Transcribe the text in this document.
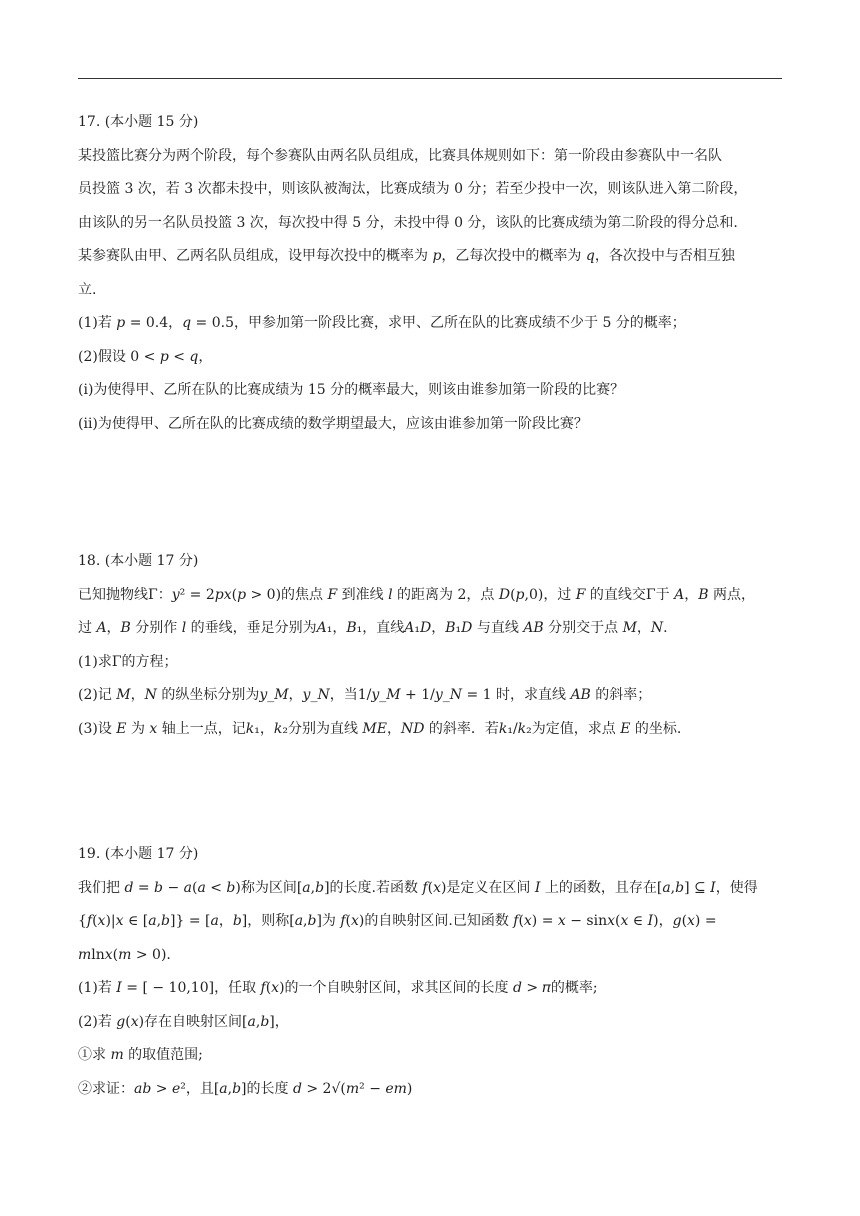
17. (本小题 15 分)
某投篮比赛分为两个阶段，每个参赛队由两名队员组成，比赛具体规则如下：第一阶段由参赛队中一名队
员投篮 3 次，若 3 次都未投中，则该队被淘汰，比赛成绩为 0 分；若至少投中一次，则该队进入第二阶段，
由该队的另一名队员投篮 3 次，每次投中得 5 分，未投中得 0 分，该队的比赛成绩为第二阶段的得分总和.
某参赛队由甲、乙两名队员组成，设甲每次投中的概率为 𝑝，乙每次投中的概率为 𝑞，各次投中与否相互独
立.
(1)若 𝑝 = 0.4，𝑞 = 0.5，甲参加第一阶段比赛，求甲、乙所在队的比赛成绩不少于 5 分的概率；
(2)假设 0 < 𝑝 < 𝑞，
(ⅰ)为使得甲、乙所在队的比赛成绩为 15 分的概率最大，则该由谁参加第一阶段的比赛？
(ⅱ)为使得甲、乙所在队的比赛成绩的数学期望最大，应该由谁参加第一阶段比赛？
18. (本小题 17 分)
已知抛物线Γ：𝑦² = 2𝑝𝑥(𝑝 > 0)的焦点 𝐹 到准线 𝑙 的距离为 2，点 𝐷(𝑝,0)，过 𝐹 的直线交Γ于 𝐴，𝐵 两点，
过 𝐴，𝐵 分别作 𝑙 的垂线，垂足分别为𝐴₁，𝐵₁，直线𝐴₁𝐷，𝐵₁𝐷 与直线 𝐴𝐵 分别交于点 𝑀，𝑁.
(1)求Γ的方程；
(2)记 𝑀，𝑁 的纵坐标分别为𝑦_𝑀，𝑦_𝑁，当1/𝑦_𝑀 + 1/𝑦_𝑁 = 1 时，求直线 𝐴𝐵 的斜率；
(3)设 𝐸 为 𝑥 轴上一点，记𝑘₁，𝑘₂分别为直线 𝑀𝐸，𝑁𝐷 的斜率．若𝑘₁/𝑘₂为定值，求点 𝐸 的坐标.
19. (本小题 17 分)
我们把 𝑑 = 𝑏 − 𝑎(𝑎 < 𝑏)称为区间[𝑎,𝑏]的长度.若函数 𝑓(𝑥)是定义在区间 𝐼 上的函数，且存在[𝑎,𝑏] ⊆ 𝐼，使得
{𝑓(𝑥)|𝑥 ∈ [𝑎,𝑏]} = [𝑎，𝑏]，则称[𝑎,𝑏]为 𝑓(𝑥)的自映射区间.已知函数 𝑓(𝑥) = 𝑥 − sin𝑥(𝑥 ∈ 𝐼)，𝑔(𝑥) =
𝑚ln𝑥(𝑚 > 0).
(1)若 𝐼 = [ − 10,10]，任取 𝑓(𝑥)的一个自映射区间，求其区间的长度 𝑑 > 𝜋的概率;
(2)若 𝑔(𝑥)存在自映射区间[𝑎,𝑏]，
①求 𝑚 的取值范围;
②求证：𝑎𝑏 > 𝑒²，且[𝑎,𝑏]的长度 𝑑 > 2√(𝑚² − 𝑒𝑚)
